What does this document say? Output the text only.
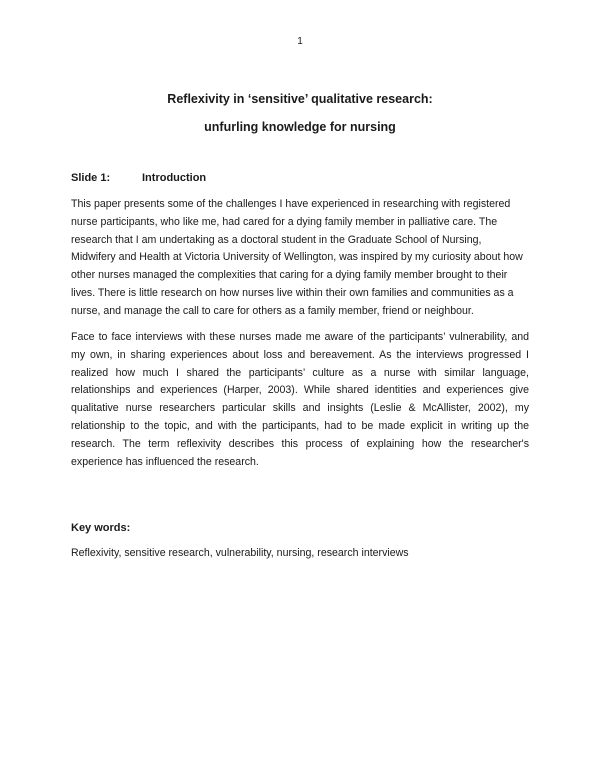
1
Reflexivity in ‘sensitive’ qualitative research:
unfurling knowledge for nursing
Slide 1:	Introduction

This paper presents some of the challenges I have experienced in researching with registered nurse participants, who like me, had cared for a dying family member in palliative care. The research that I am undertaking as a doctoral student in the Graduate School of Nursing, Midwifery and Health at Victoria University of Wellington, was inspired by my curiosity about how other nurses managed the complexities that caring for a dying family member brought to their lives. There is little research on how nurses live within their own families and communities as a nurse, and manage the call to care for others as a family member, friend or neighbour.

Face to face interviews with these nurses made me aware of the participants’ vulnerability, and my own, in sharing experiences about loss and bereavement. As the interviews progressed I realized how much I shared the participants’ culture as a nurse with similar language, relationships and experiences (Harper, 2003). While shared identities and experiences give qualitative nurse researchers particular skills and insights (Leslie & McAllister, 2002), my relationship to the topic, and with the participants, had to be made explicit in writing up the research. The term reflexivity describes this process of explaining how the researcher's experience has influenced the research.

Key words:
Reflexivity, sensitive research, vulnerability, nursing, research interviews
